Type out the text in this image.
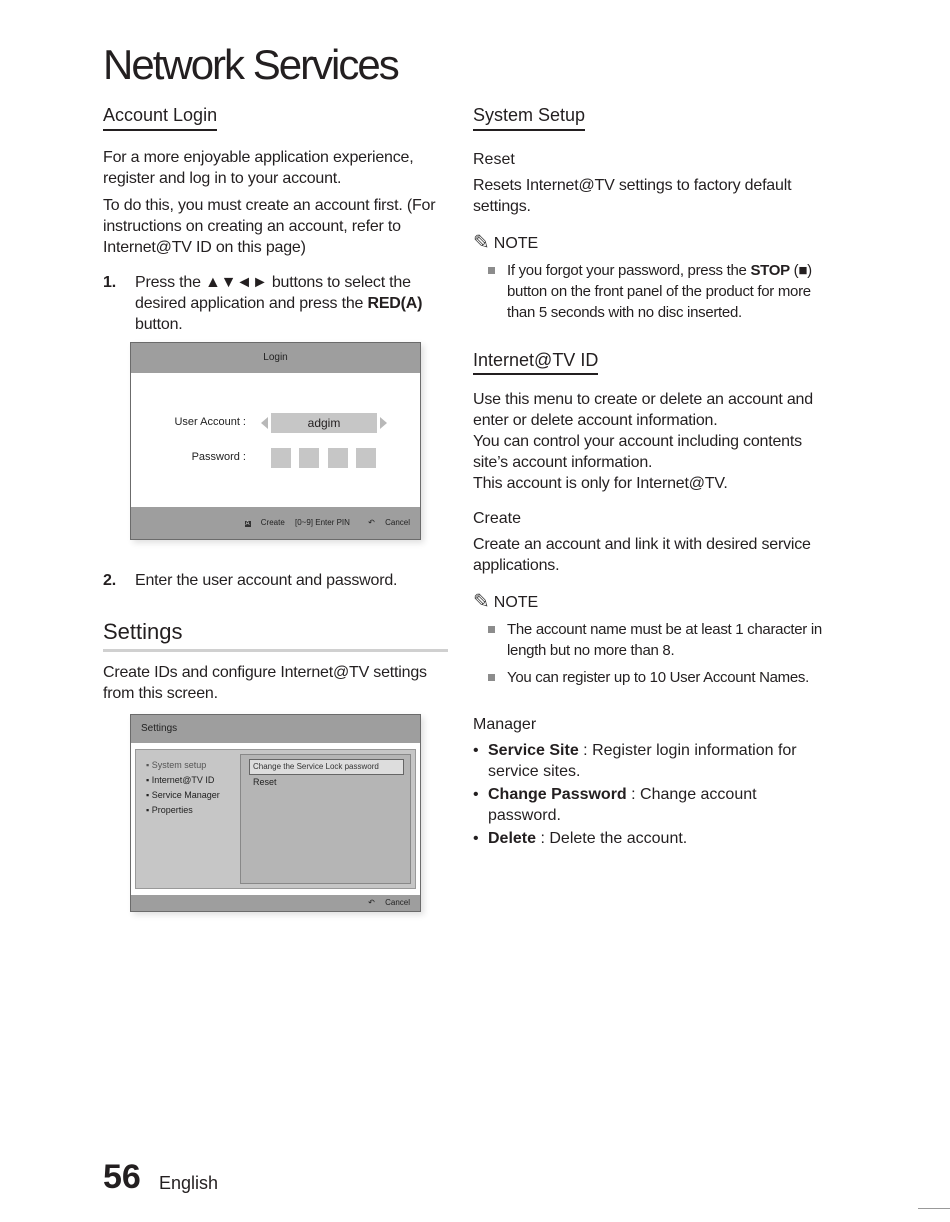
Network Services
Account Login

For a more enjoyable application experience, register and log in to your account.

To do this, you must create an account first. (For instructions on creating an account, refer to Internet@TV ID on this page)

1.	Press the ▲▼◄► buttons to select the desired application and press the RED(A) button.
Login
User Account :	adgim
Password :
A Create [0~9] Enter PIN ↶ Cancel
2.	Enter the user account and password.
Settings

Create IDs and configure Internet@TV settings from this screen.

Settings
▪ System setup
▪ Internet@TV ID
▪ Service Manager
▪ Properties
Change the Service Lock password
Reset
↶ Cancel
System Setup
Reset

Resets Internet@TV settings to factory default settings.

✎ NOTE
If you forgot your password, press the STOP (■) button on the front panel of the product for more than 5 seconds with no disc inserted.
Internet@TV ID

Use this menu to create or delete an account and enter or delete account information.

You can control your account including contents site’s account information.

This account is only for Internet@TV.

Create

Create an account and link it with desired service applications.

✎ NOTE
The account name must be at least 1 character in length but no more than 8.
You can register up to 10 User Account Names.
Manager
• Service Site : Register login information for service sites.
• Change Password : Change account password.
• Delete : Delete the account.
56 English
